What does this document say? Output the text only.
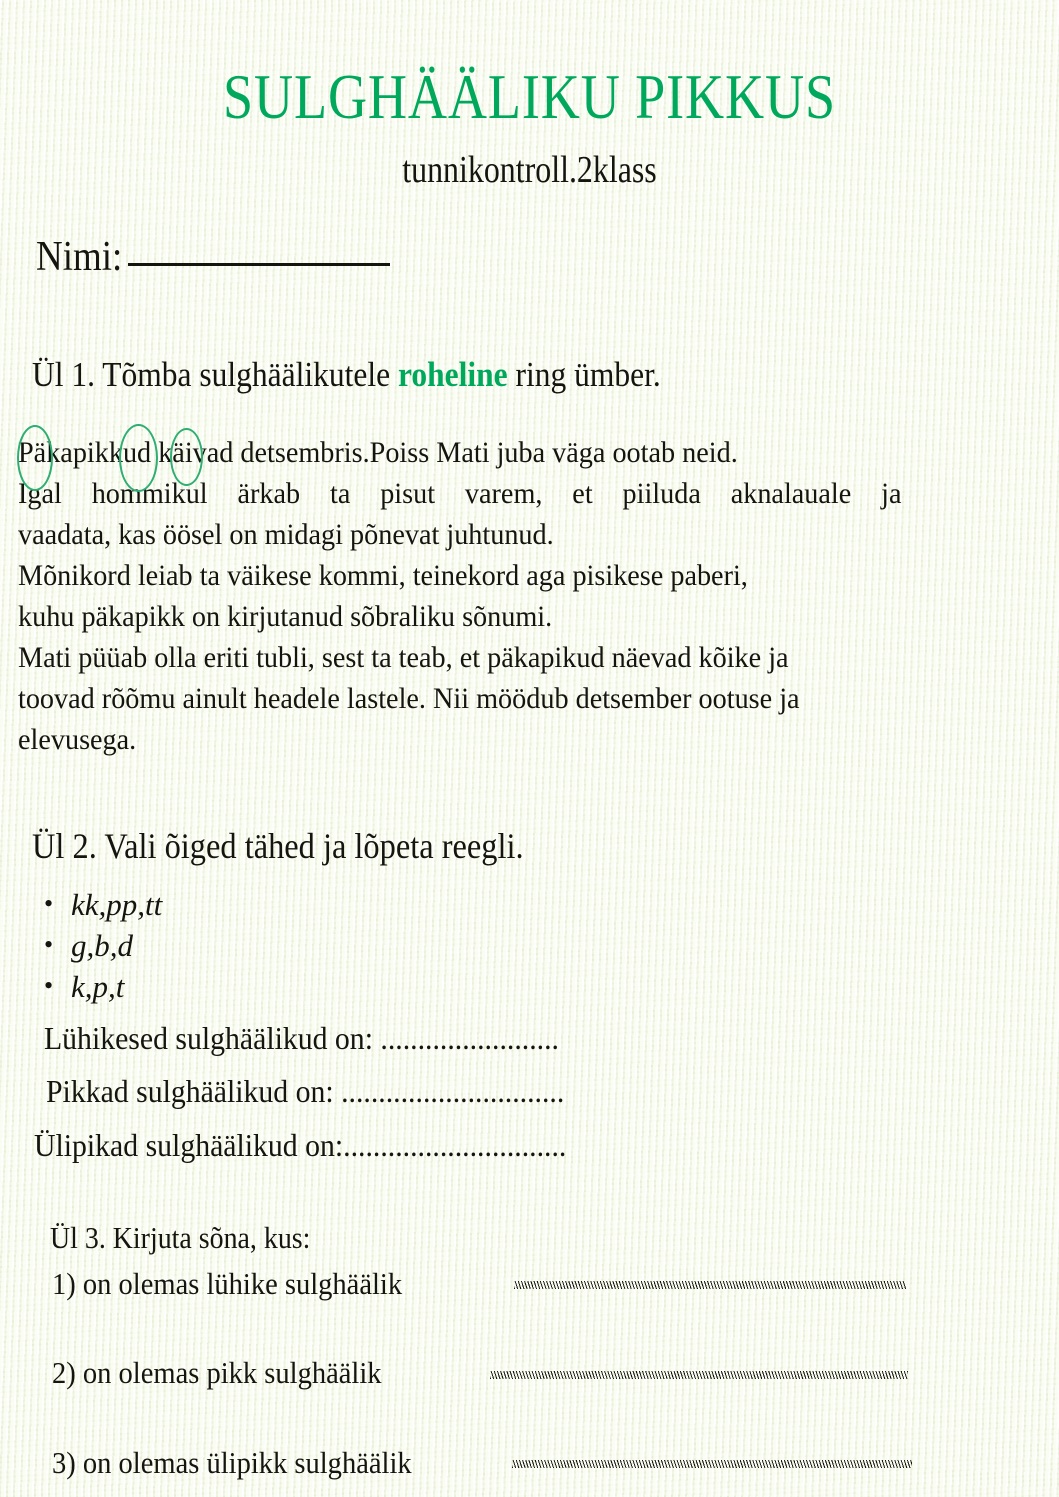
SULGHÄÄLIKU PIKKUS
tunnikontroll.2klass
Nimi:
Ül 1. Tõmba sulghäälikutele roheline ring ümber.
Päkapikkud käivad detsembris.Poiss Mati juba väga ootab neid.
Igal hommikul ärkab ta pisut varem, et piiluda aknalauale ja
vaadata, kas öösel on midagi põnevat juhtunud.
Mõnikord leiab ta väikese kommi, teinekord aga pisikese paberi,
kuhu päkapikk on kirjutanud sõbraliku sõnumi.
Mati püüab olla eriti tubli, sest ta teab, et päkapikud näevad kõike ja
toovad rõõmu ainult headele lastele. Nii möödub detsember ootuse ja
elevusega.
Ül 2. Vali õiged tähed ja lõpeta reegli.
• kk,pp,tt
• g,b,d
• k,p,t
Lühikesed sulghäälikud on: ........................
Pikkad sulghäälikud on: ..............................
Ülipikad sulghäälikud on:..............................
Ül 3. Kirjuta sõna, kus:
1) on olemas lühike sulghäälik
2) on olemas pikk sulghäälik
3) on olemas ülipikk sulghäälik
